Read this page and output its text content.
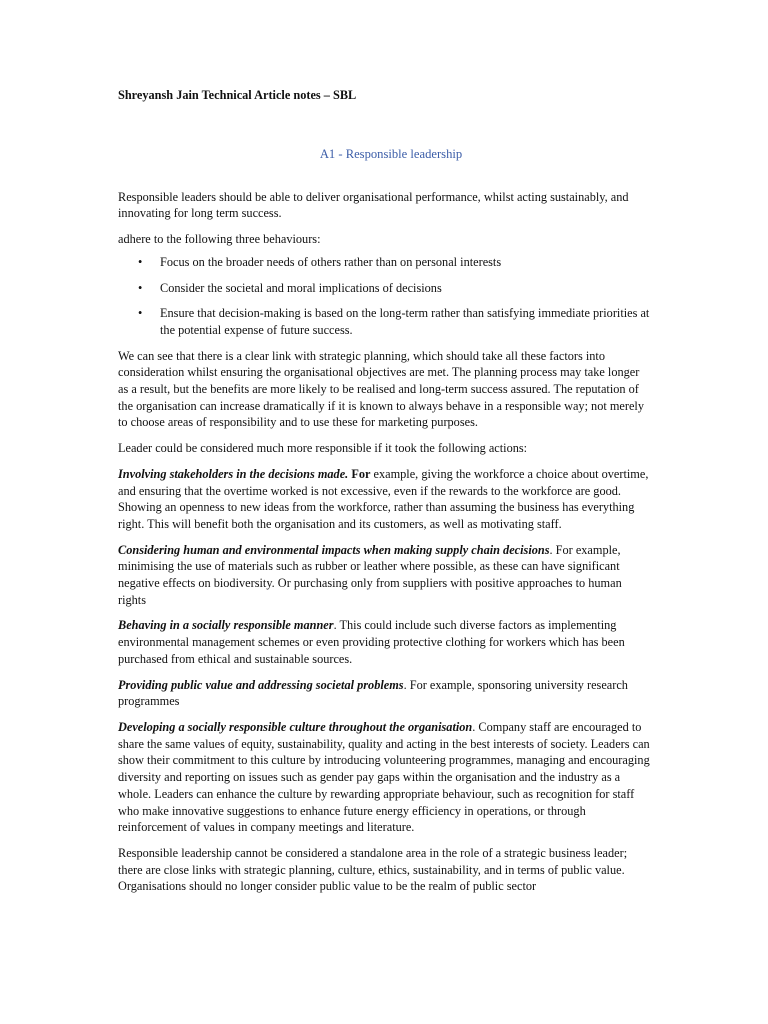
Shreyansh Jain Technical Article notes – SBL

A1 - Responsible leadership

Responsible leaders should be able to deliver organisational performance, whilst acting sustainably, and innovating for long term success.

adhere to the following three behaviours:

• Focus on the broader needs of others rather than on personal interests
• Consider the societal and moral implications of decisions
• Ensure that decision-making is based on the long-term rather than satisfying immediate priorities at the potential expense of future success.

We can see that there is a clear link with strategic planning, which should take all these factors into consideration whilst ensuring the organisational objectives are met. The planning process may take longer as a result, but the benefits are more likely to be realised and long-term success assured. The reputation of the organisation can increase dramatically if it is known to always behave in a responsible way; not merely to choose areas of responsibility and to use these for marketing purposes.

Leader could be considered much more responsible if it took the following actions:

Involving stakeholders in the decisions made. For example, giving the workforce a choice about overtime, and ensuring that the overtime worked is not excessive, even if the rewards to the workforce are good. Showing an openness to new ideas from the workforce, rather than assuming the business has everything right. This will benefit both the organisation and its customers, as well as motivating staff.

Considering human and environmental impacts when making supply chain decisions. For example, minimising the use of materials such as rubber or leather where possible, as these can have significant negative effects on biodiversity. Or purchasing only from suppliers with positive approaches to human rights

Behaving in a socially responsible manner. This could include such diverse factors as implementing environmental management schemes or even providing protective clothing for workers which has been purchased from ethical and sustainable sources.

Providing public value and addressing societal problems. For example, sponsoring university research programmes

Developing a socially responsible culture throughout the organisation. Company staff are encouraged to share the same values of equity, sustainability, quality and acting in the best interests of society. Leaders can show their commitment to this culture by introducing volunteering programmes, managing and encouraging diversity and reporting on issues such as gender pay gaps within the organisation and the industry as a whole. Leaders can enhance the culture by rewarding appropriate behaviour, such as recognition for staff who make innovative suggestions to enhance future energy efficiency in operations, or through reinforcement of values in company meetings and literature.

Responsible leadership cannot be considered a standalone area in the role of a strategic business leader; there are close links with strategic planning, culture, ethics, sustainability, and in terms of public value. Organisations should no longer consider public value to be the realm of public sector
